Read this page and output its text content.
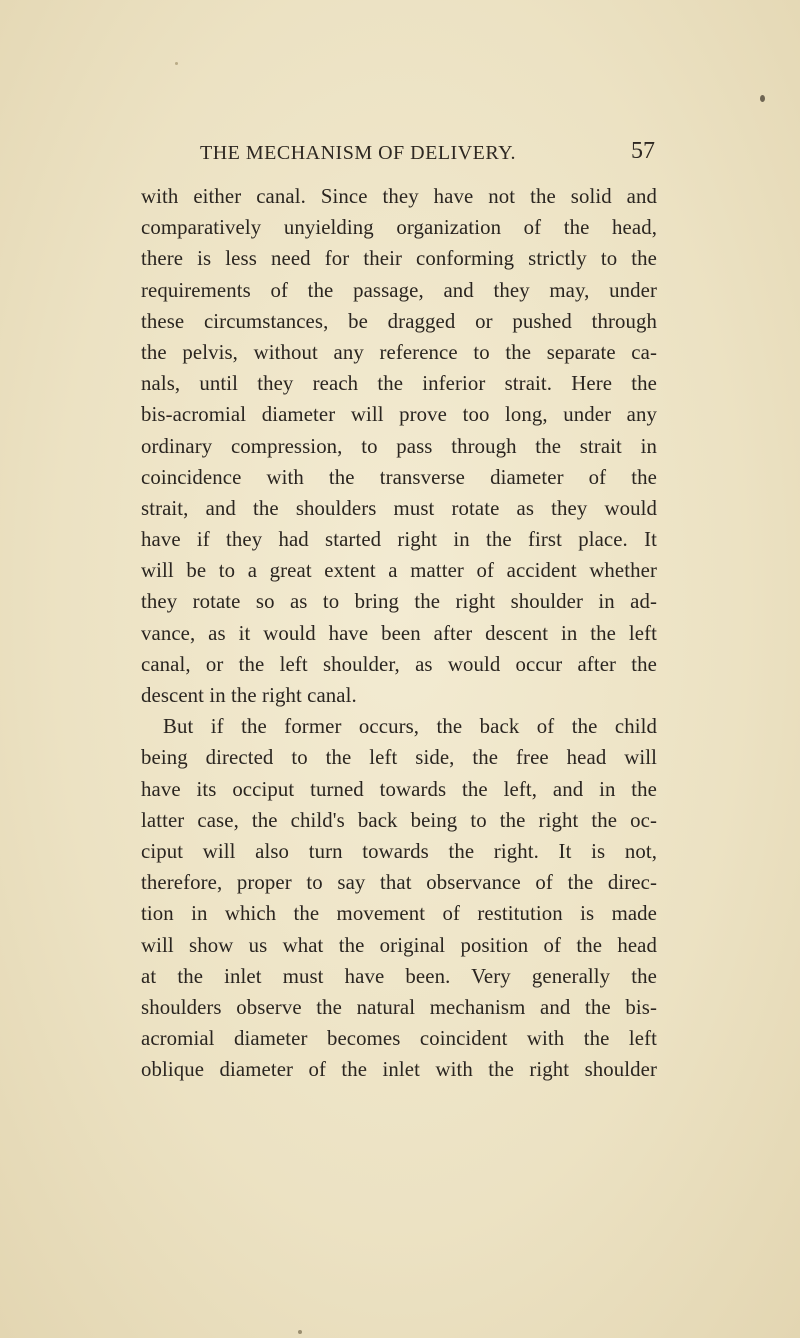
THE MECHANISM OF DELIVERY.	57
with either canal. Since they have not the solid and
comparatively unyielding organization of the head,
there is less need for their conforming strictly to the
requirements of the passage, and they may, under
these circumstances, be dragged or pushed through
the pelvis, without any reference to the separate ca-
nals, until they reach the inferior strait. Here the
bis-acromial diameter will prove too long, under any
ordinary compression, to pass through the strait in
coincidence with the transverse diameter of the
strait, and the shoulders must rotate as they would
have if they had started right in the first place. It
will be to a great extent a matter of accident whether
they rotate so as to bring the right shoulder in ad-
vance, as it would have been after descent in the left
canal, or the left shoulder, as would occur after the
descent in the right canal.
But if the former occurs, the back of the child
being directed to the left side, the free head will
have its occiput turned towards the left, and in the
latter case, the child's back being to the right the oc-
ciput will also turn towards the right. It is not,
therefore, proper to say that observance of the direc-
tion in which the movement of restitution is made
will show us what the original position of the head
at the inlet must have been. Very generally the
shoulders observe the natural mechanism and the bis-
acromial diameter becomes coincident with the left
oblique diameter of the inlet with the right shoulder
